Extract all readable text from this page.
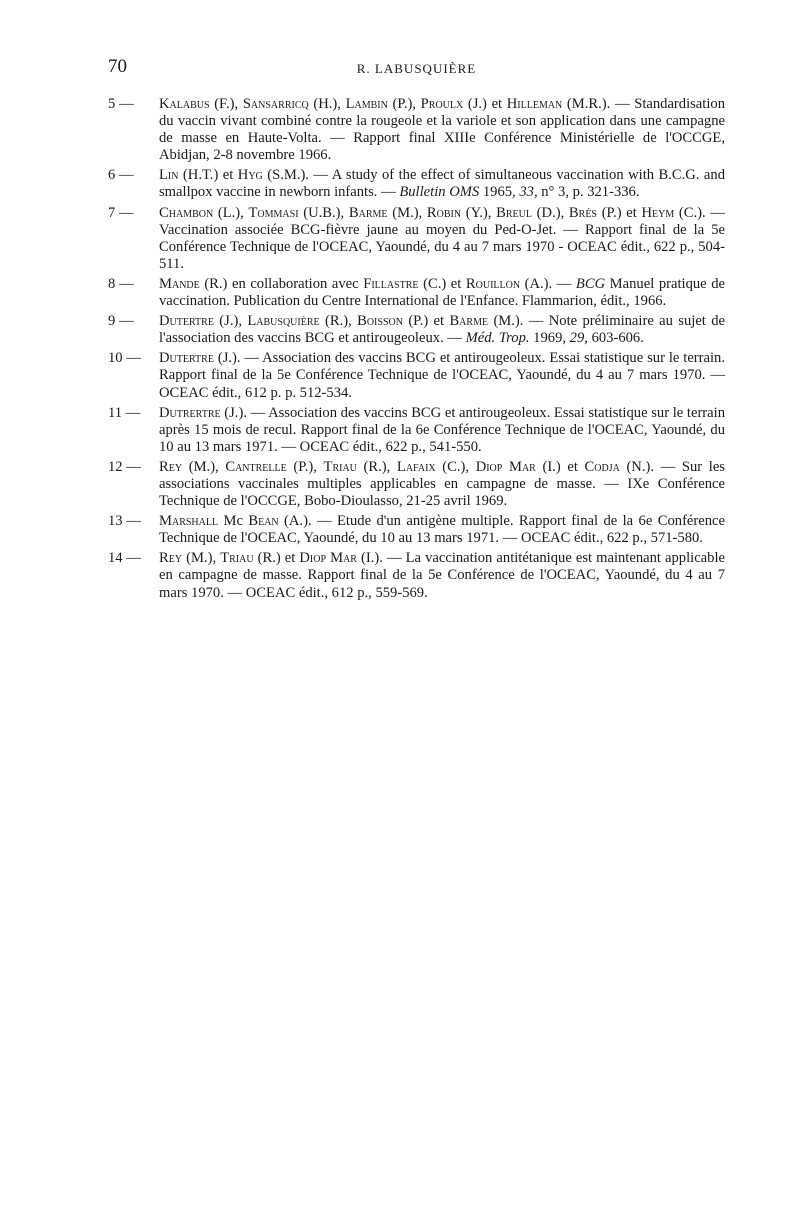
70	R. LABUSQUIÈRE
5 —	Kalabus (F.), Sansarricq (H.), Lambin (P.), Proulx (J.) et Hilleman (M.R.). — Standardisation du vaccin vivant combiné contre la rougeole et la variole et son application dans une campagne de masse en Haute-Volta. — Rapport final XIIIe Conférence Ministérielle de l'OCCGE, Abidjan, 2-8 novembre 1966.
6 —	Lin (H.T.) et Hyg (S.M.). — A study of the effect of simultaneous vaccination with B.C.G. and smallpox vaccine in newborn infants. — Bulletin OMS 1965, 33, n° 3, p. 321-336.
7 —	Chambon (L.), Tommasi (U.B.), Barme (M.), Robin (Y.), Breul (D.), Brés (P.) et Heym (C.). — Vaccination associée BCG-fièvre jaune au moyen du Ped-O-Jet. — Rapport final de la 5e Conférence Technique de l'OCEAC, Yaoundé, du 4 au 7 mars 1970 - OCEAC édit., 622 p., 504-511.
8 —	Mande (R.) en collaboration avec Fillastre (C.) et Rouillon (A.). — BCG Manuel pratique de vaccination. Publication du Centre International de l'Enfance. Flammarion, édit., 1966.
9 —	Dutertre (J.), Labusquière (R.), Boisson (P.) et Barme (M.). — Note préliminaire au sujet de l'association des vaccins BCG et antirougeoleux. — Méd. Trop. 1969, 29, 603-606.
10 —	Dutertre (J.). — Association des vaccins BCG et antirougeoleux. Essai statistique sur le terrain. Rapport final de la 5e Conférence Technique de l'OCEAC, Yaoundé, du 4 au 7 mars 1970. — OCEAC édit., 612 p. p. 512-534.
11 —	Dutrertre (J.). — Association des vaccins BCG et antirougeoleux. Essai statistique sur le terrain après 15 mois de recul. Rapport final de la 6e Conférence Technique de l'OCEAC, Yaoundé, du 10 au 13 mars 1971. — OCEAC édit., 622 p., 541-550.
12 —	Rey (M.), Cantrelle (P.), Triau (R.), Lafaix (C.), Diop Mar (I.) et Codja (N.). — Sur les associations vaccinales multiples applicables en campagne de masse. — IXe Conférence Technique de l'OCCGE, Bobo-Dioulasso, 21-25 avril 1969.
13 —	Marshall Mc Bean (A.). — Etude d'un antigène multiple. Rapport final de la 6e Conférence Technique de l'OCEAC, Yaoundé, du 10 au 13 mars 1971. — OCEAC édit., 622 p., 571-580.
14 —	Rey (M.), Triau (R.) et Diop Mar (I.). — La vaccination antitétanique est maintenant applicable en campagne de masse. Rapport final de la 5e Conférence de l'OCEAC, Yaoundé, du 4 au 7 mars 1970. — OCEAC édit., 612 p., 559-569.
